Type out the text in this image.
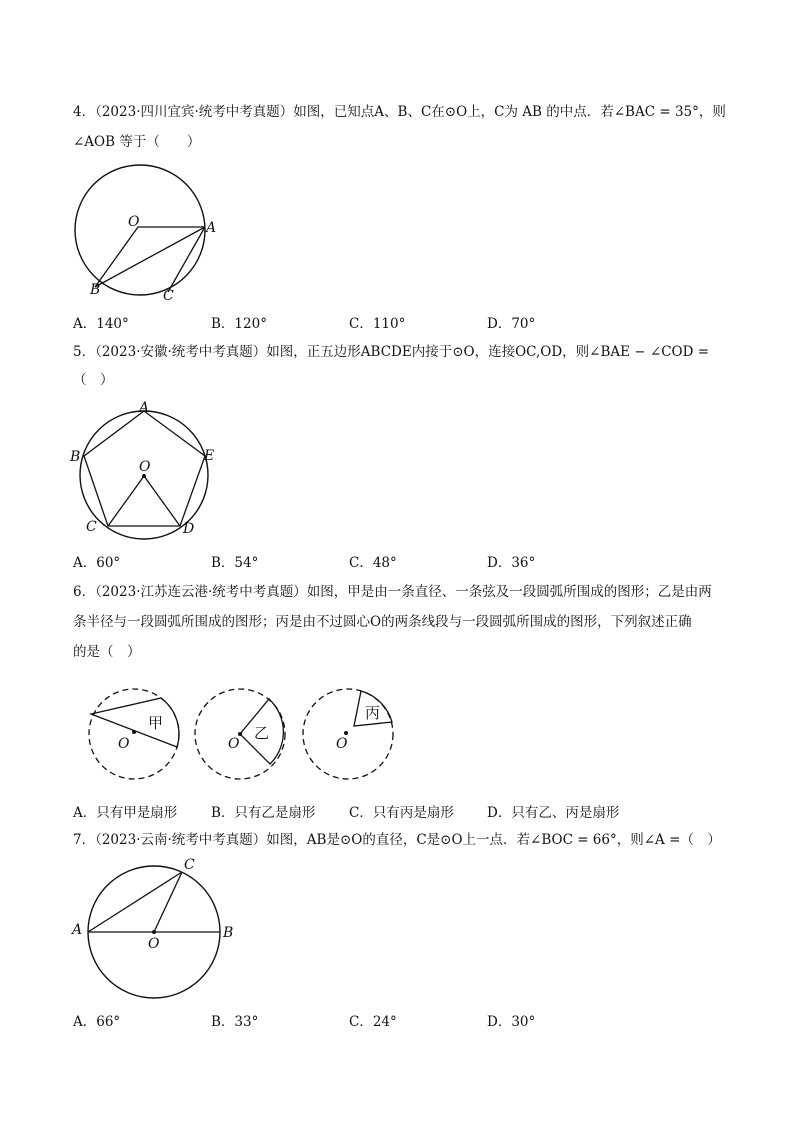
4．（2023·四川宜宾·统考中考真题）如图，已知点A、B、C在⊙O上，C为 AB 的中点．若∠BAC = 35°，则
∠AOB 等于（　　）
O	A
B	C
A．140°	B．120°	C．110°	D．70°
5．（2023·安徽·统考中考真题）如图，正五边形ABCDE内接于⊙O，连接OC,OD，则∠BAE − ∠COD =
（　）
A
B
C	D
E
O
A．60°	B．54°	C．48°	D．36°
6．（2023·江苏连云港·统考中考真题）如图，甲是由一条直径、一条弦及一段圆弧所围成的图形；乙是由两
条半径与一段圆弧所围成的图形；丙是由不过圆心O的两条线段与一段圆弧所围成的图形，下列叙述正确
的是（　）
O
甲
O
乙
O
丙
A．只有甲是扇形	B．只有乙是扇形	C．只有丙是扇形	D．只有乙、丙是扇形
7．（2023·云南·统考中考真题）如图，AB是⊙O的直径，C是⊙O上一点．若∠BOC = 66°，则∠A =（　）
A	B
C
O
A．66°	B．33°	C．24°	D．30°
